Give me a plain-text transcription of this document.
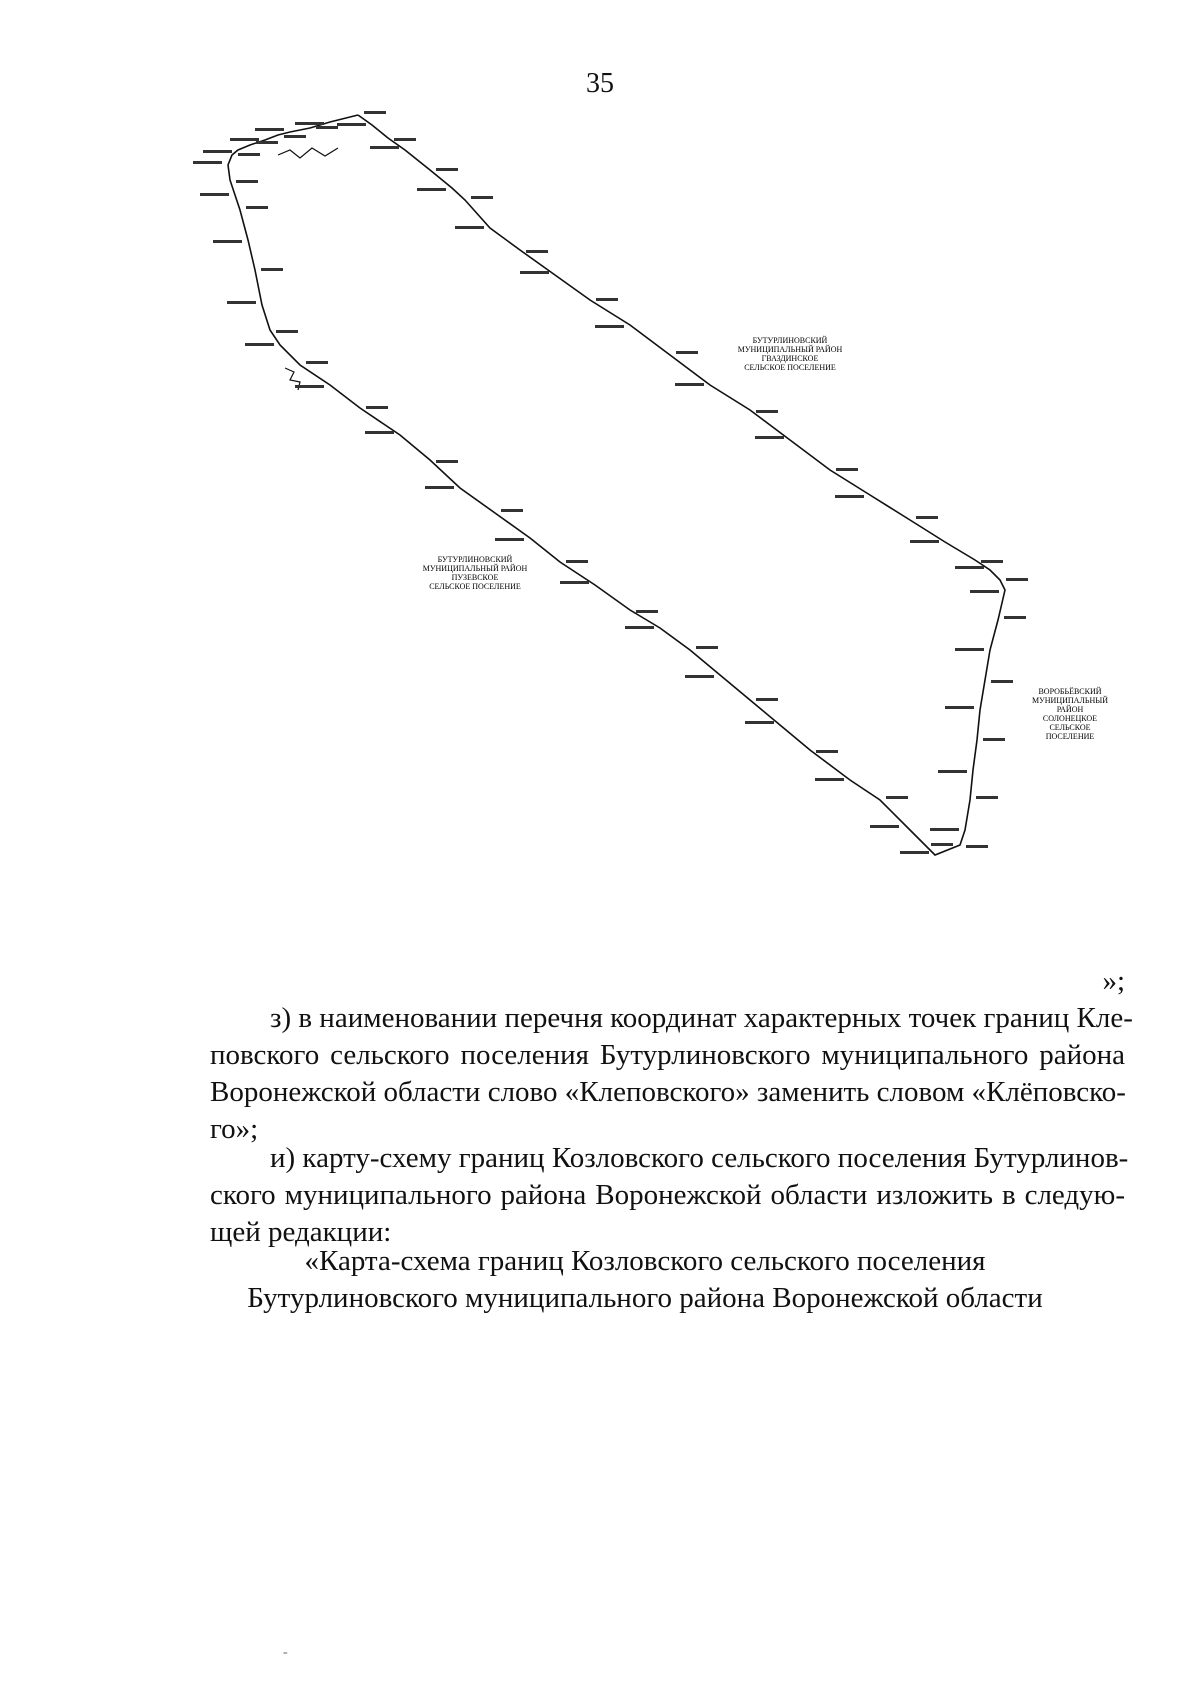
35
БУТУРЛИНОВСКИЙ
МУНИЦИПАЛЬНЫЙ РАЙОН
ГВАЗДИНСКОЕ
СЕЛЬСКОЕ ПОСЕЛЕНИЕ
БУТУРЛИНОВСКИЙ
МУНИЦИПАЛЬНЫЙ РАЙОН
ПУЗЕВСКОЕ
СЕЛЬСКОЕ ПОСЕЛЕНИЕ
ВОРОБЬЁВСКИЙ
МУНИЦИПАЛЬНЫЙ
РАЙОН
СОЛОНЕЦКОЕ
СЕЛЬСКОЕ
ПОСЕЛЕНИЕ
»;
з) в наименовании перечня координат характерных точек границ Кле-
повского сельского поселения Бутурлиновского муниципального района
Воронежской области слово «Клеповского» заменить словом «Клёповско-
го»;
и) карту-схему границ Козловского сельского поселения Бутурлинов-
ского муниципального района Воронежской области изложить в следую-
щей редакции:
«Карта-схема границ Козловского сельского поселения
Бутурлиновского муниципального района Воронежской области
-
